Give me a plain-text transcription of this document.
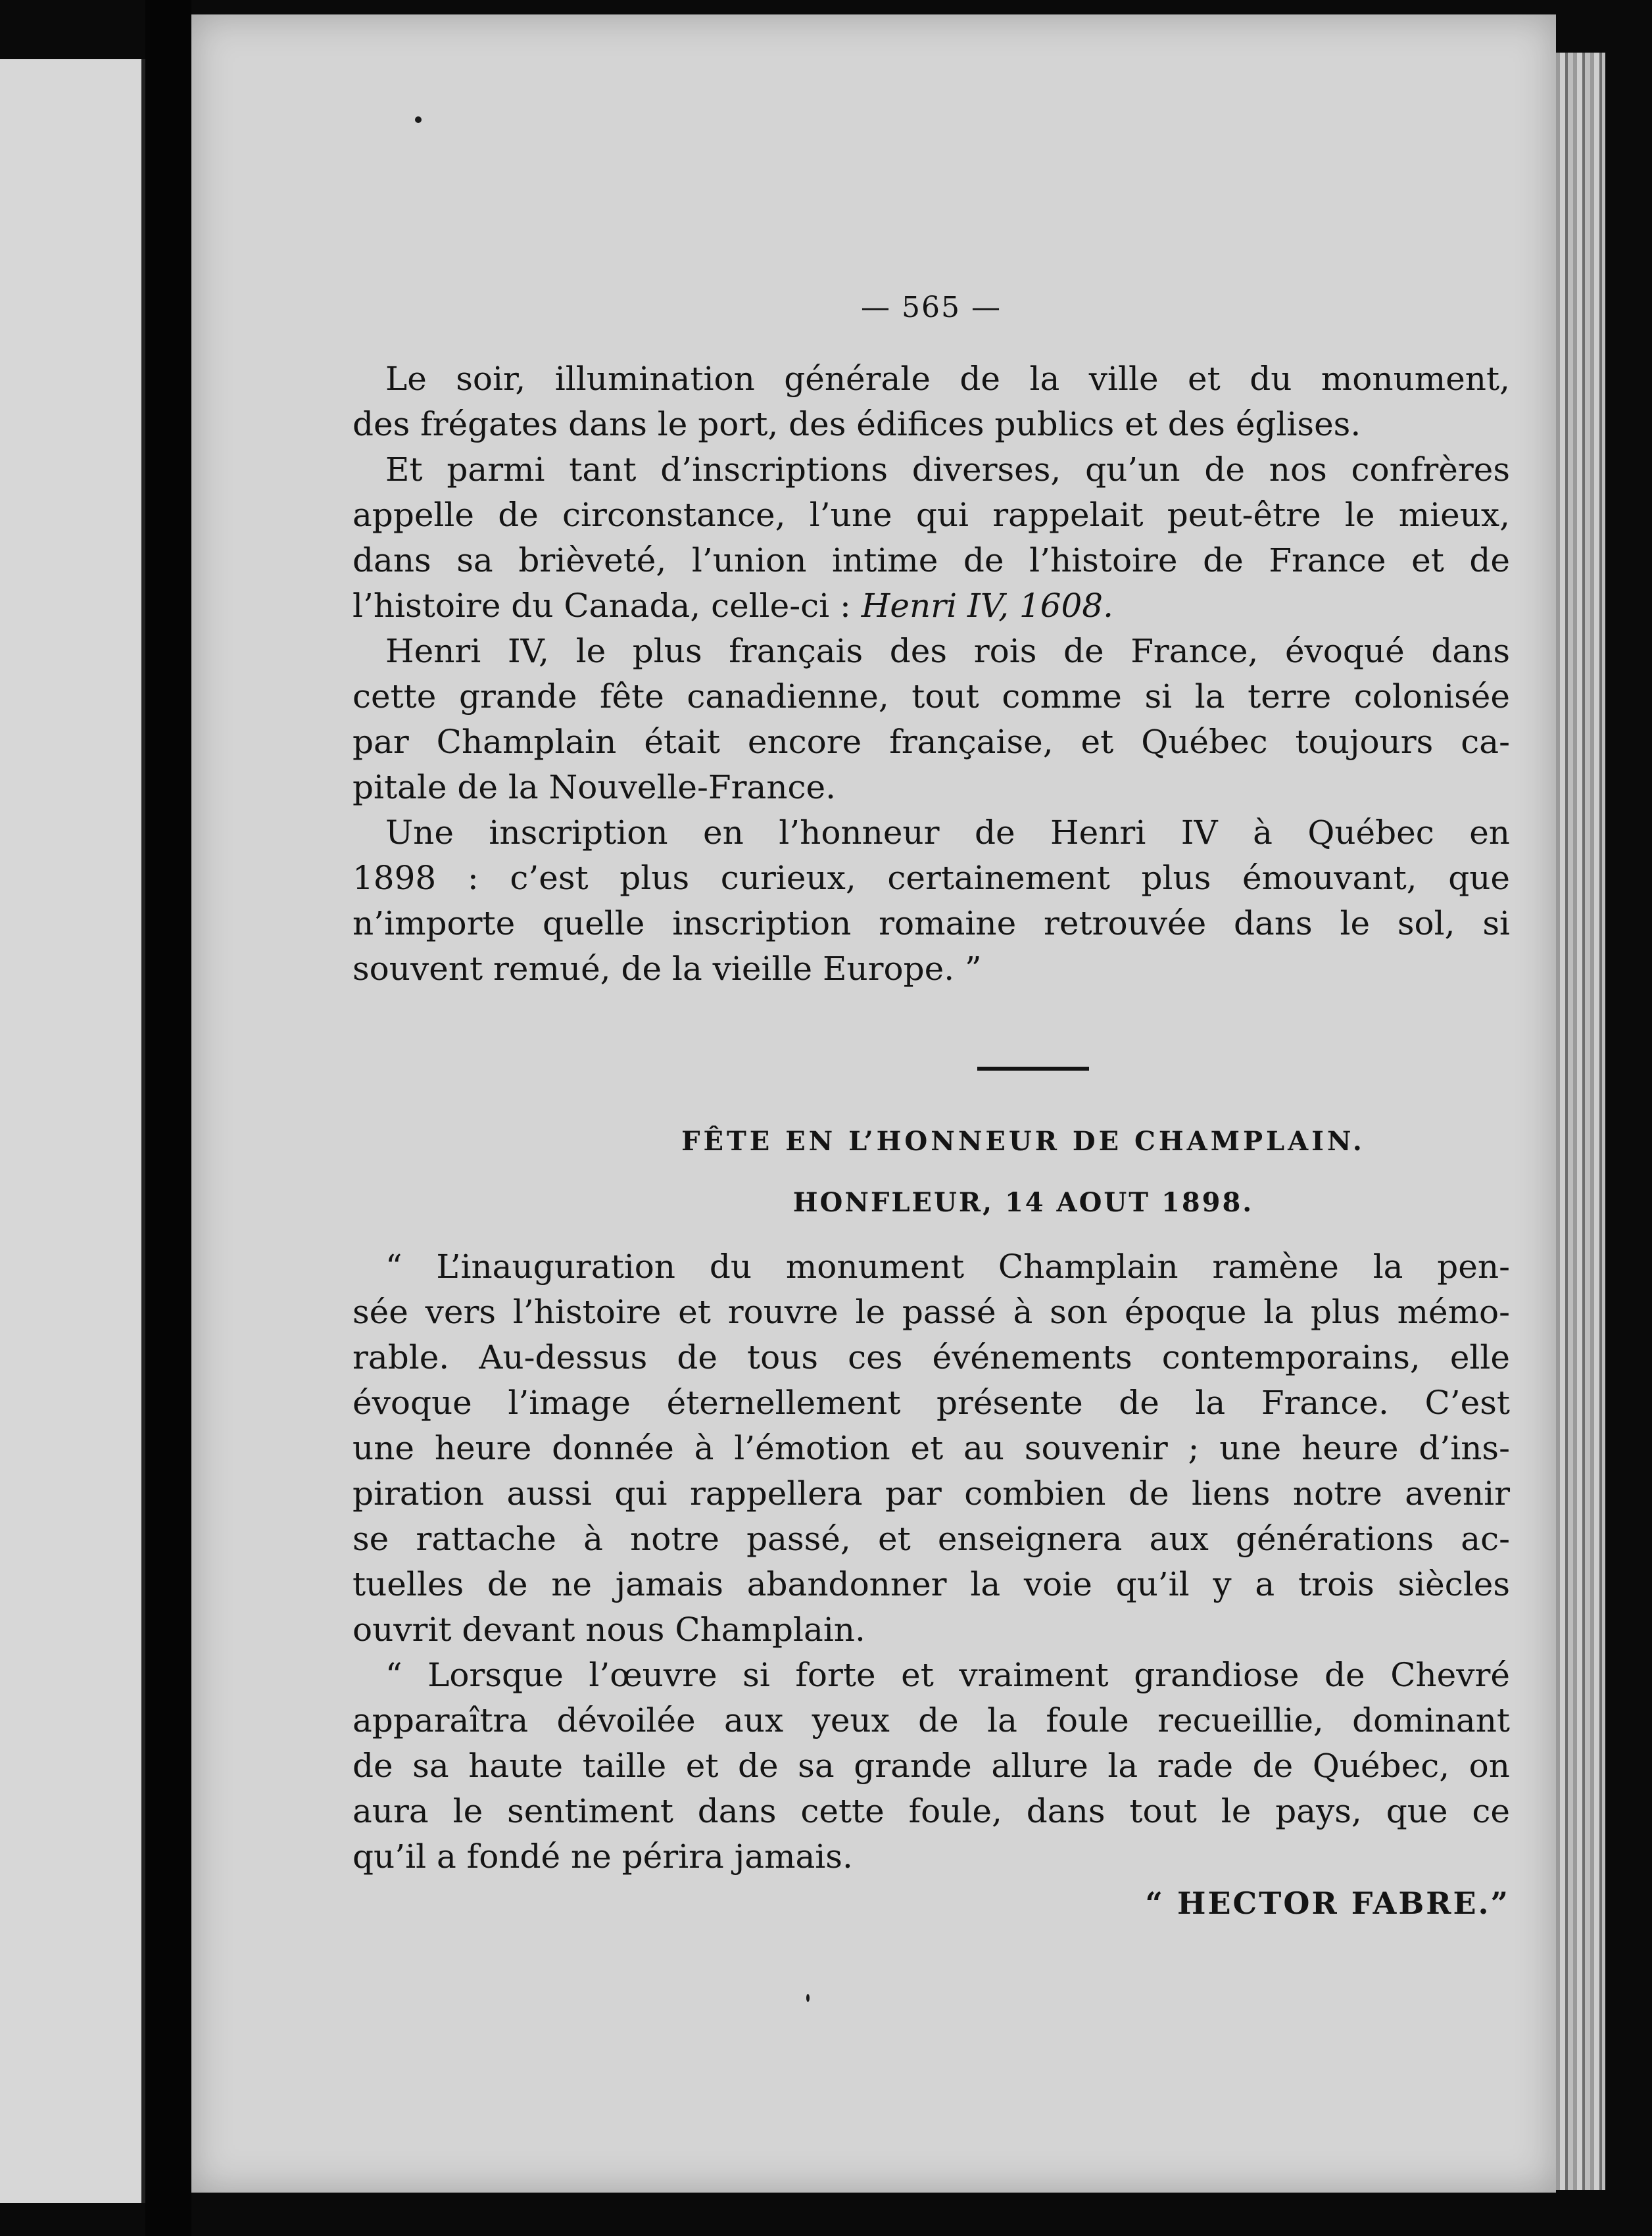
— 565 —
Le soir, illumination générale de la ville et du monument,
des frégates dans le port, des édifices publics et des églises.
Et parmi tant d’inscriptions diverses, qu’un de nos confrères
appelle de circonstance, l’une qui rappelait peut-être le mieux,
dans sa brièveté, l’union intime de l’histoire de France et de
l’histoire du Canada, celle-ci : Henri IV, 1608.
Henri IV, le plus français des rois de France, évoqué dans
cette grande fête canadienne, tout comme si la terre colonisée
par Champlain était encore française, et Québec toujours ca-
pitale de la Nouvelle-France.
Une inscription en l’honneur de Henri IV à Québec en
1898 : c’est plus curieux, certainement plus émouvant, que
n’importe quelle inscription romaine retrouvée dans le sol, si
souvent remué, de la vieille Europe. ”
FÊTE EN L’HONNEUR DE CHAMPLAIN.
HONFLEUR, 14 AOUT 1898.
“ L’inauguration du monument Champlain ramène la pen-
sée vers l’histoire et rouvre le passé à son époque la plus mémo-
rable. Au-dessus de tous ces événements contemporains, elle
évoque l’image éternellement présente de la France. C’est
une heure donnée à l’émotion et au souvenir ; une heure d’ins-
piration aussi qui rappellera par combien de liens notre avenir
se rattache à notre passé, et enseignera aux générations ac-
tuelles de ne jamais abandonner la voie qu’il y a trois siècles
ouvrit devant nous Champlain.
“ Lorsque l’œuvre si forte et vraiment grandiose de Chevré
apparaîtra dévoilée aux yeux de la foule recueillie, dominant
de sa haute taille et de sa grande allure la rade de Québec, on
aura le sentiment dans cette foule, dans tout le pays, que ce
qu’il a fondé ne périra jamais.
“ HECTOR FABRE.”
